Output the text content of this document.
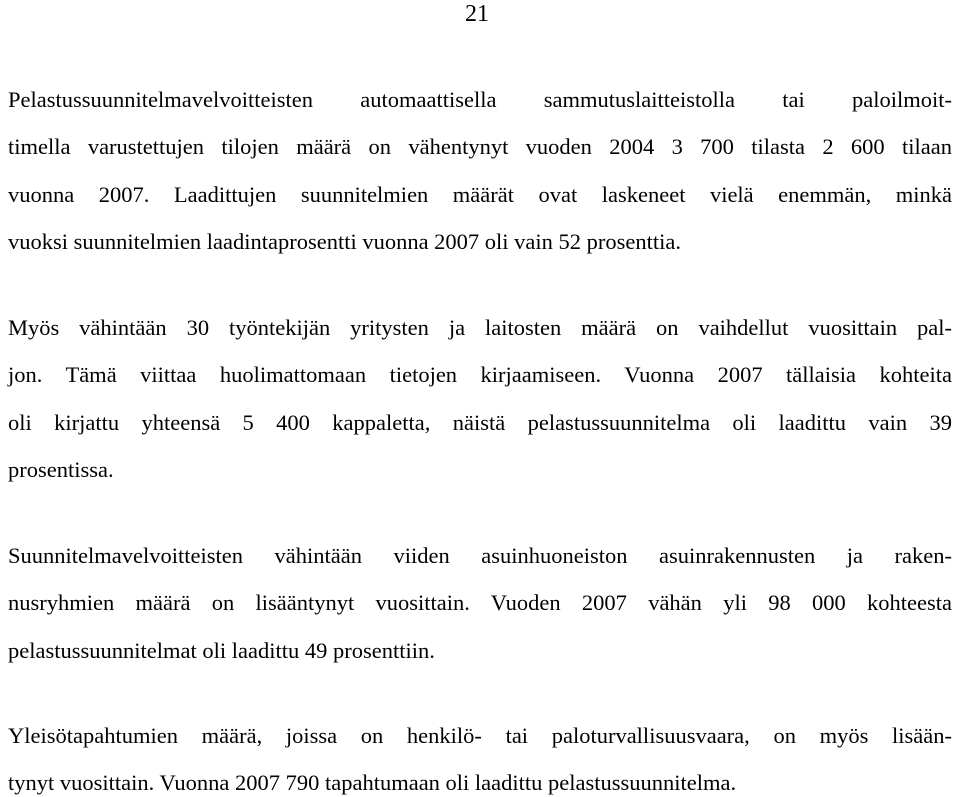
21
Pelastussuunnitelmavelvoitteisten automaattisella sammutuslaitteistolla tai paloilmoit-
timella varustettujen tilojen määrä on vähentynyt vuoden 2004 3 700 tilasta 2 600 tilaan
vuonna 2007. Laadittujen suunnitelmien määrät ovat laskeneet vielä enemmän, minkä
vuoksi suunnitelmien laadintaprosentti vuonna 2007 oli vain 52 prosenttia.
Myös vähintään 30 työntekijän yritysten ja laitosten määrä on vaihdellut vuosittain pal-
jon. Tämä viittaa huolimattomaan tietojen kirjaamiseen. Vuonna 2007 tällaisia kohteita
oli kirjattu yhteensä 5 400 kappaletta, näistä pelastussuunnitelma oli laadittu vain 39
prosentissa.
Suunnitelmavelvoitteisten vähintään viiden asuinhuoneiston asuinrakennusten ja raken-
nusryhmien määrä on lisääntynyt vuosittain. Vuoden 2007 vähän yli 98 000 kohteesta
pelastussuunnitelmat oli laadittu 49 prosenttiin.
Yleisötapahtumien määrä, joissa on henkilö- tai paloturvallisuusvaara, on myös lisään-
tynyt vuosittain. Vuonna 2007 790 tapahtumaan oli laadittu pelastussuunnitelma.
